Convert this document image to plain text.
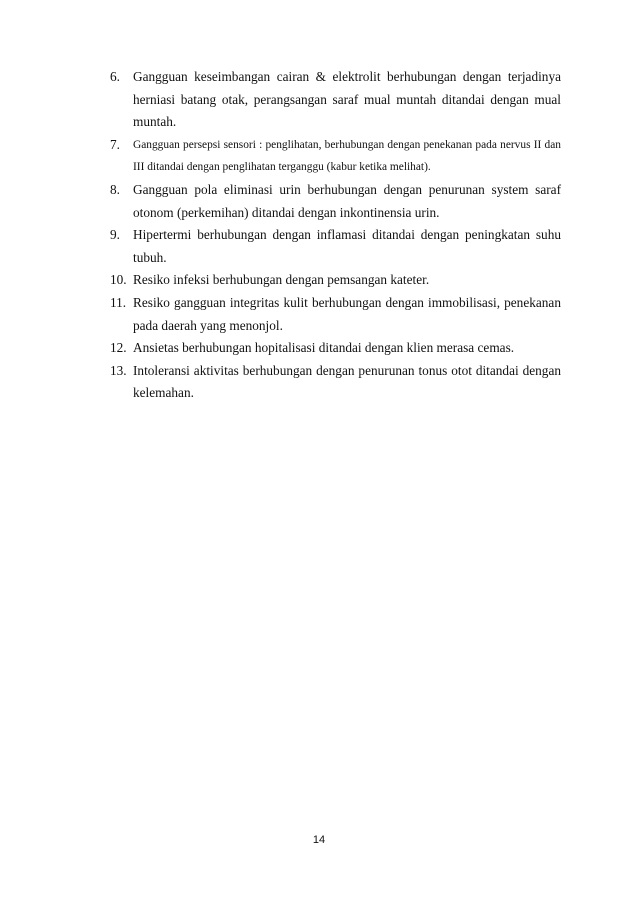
6. Gangguan keseimbangan cairan & elektrolit berhubungan dengan terjadinya herniasi batang otak, perangsangan saraf mual muntah ditandai dengan mual muntah.
7. Gangguan persepsi sensori : penglihatan, berhubungan dengan penekanan pada nervus II dan III ditandai dengan penglihatan terganggu (kabur ketika melihat).
8. Gangguan pola eliminasi urin berhubungan dengan penurunan system saraf otonom (perkemihan) ditandai dengan inkontinensia urin.
9. Hipertermi berhubungan dengan inflamasi ditandai dengan peningkatan suhu tubuh.
10. Resiko infeksi berhubungan dengan pemsangan kateter.
11. Resiko gangguan integritas kulit berhubungan dengan immobilisasi, penekanan pada daerah yang menonjol.
12. Ansietas berhubungan hopitalisasi ditandai dengan klien merasa cemas.
13. Intoleransi aktivitas berhubungan dengan penurunan tonus otot ditandai dengan kelemahan.
14
